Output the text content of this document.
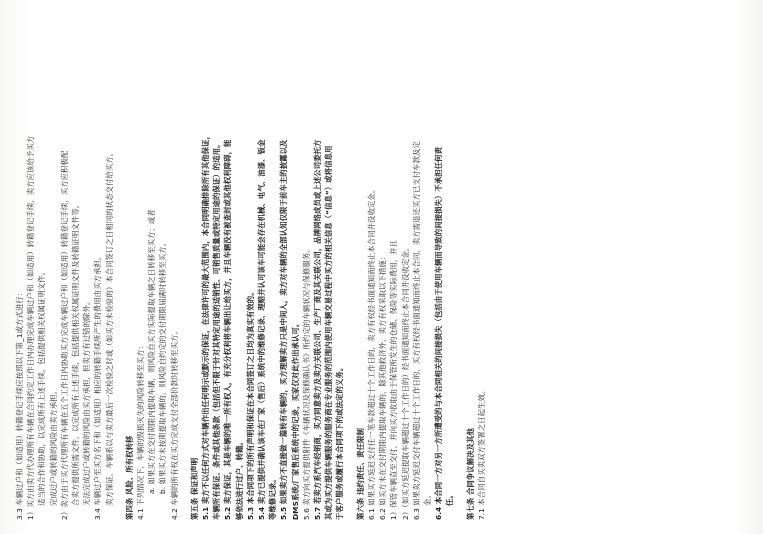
3.3 车辆过户和（如适用）转籍登记手续应按照以下第_1或方式进行： 1）买方由卖方代办理所有车辆在合同约定工作日内办理完成车辆过户和（如适用）转籍登记手续，卖方应该给予买方 适当的合作和协助，以完成所有上述手续，包括提供相关权属证明文件。 完成过户或转籍的风险由卖方承担。 2）卖方由于买方代理所有车辆在五个工作日内协助买方完成车辆过户和（如适用）转籍登记手续，买方应积极配 合卖方提供所需文件，以完成所有上述手续，包括提供相关权属证明文件及转籍证明文件等。 无法完成过户或转籍的风险由买方承担，但卖方有过错的除外。 3.4 车辆过户至买方名下和（如适用）相应的转籍手续所产生的费用由买方承担。 卖方保证，车辆系以与卖方最后一次检验之时或（如买方未检验的）本合同签订之日相同的状态交付给买方。 第四条 风险、所有权转移 4.1 下列情况下，车辆的毁损灭失的风险转移至买方： a. 如果买方在交付期限内提取车辆，则风险自买方实际提取车辆之日转移至买方；或者 b. 如果买方未按期提取车辆的，则风险自约定的交付期限届满时转移至买方。 4.2 车辆的所有权在买方完成支付全部价款时转移至买方。 第五条 保证和声明 5.1 卖方不以任何方式对车辆作出任何明示或默示的保证，在法律许可的最大范围内，本合同明确排除所有其他保证， 车辆所有保证、条件或其他条款（包括但不限于针对其特定用途的适销性、可销售质量或特定用途的保证）的适用。 5.2 卖方保证，其是车辆的唯一所有权人，有充分权利将车辆出让给买方，并且车辆没有被查封或其他权利障碍，能 够依法进行过户、转籍。 5.3 本合同项下的所有声明和保证在本合同签订之日均为真实有效的。 5.4 卖方已提供并确认该车在厂家（售后）系统中的维修记录、理赔并认可该车可能会存在机械、电气、油漆、钣金 等维修记录。 5.5 如果卖方不直接做一篇转有车辆的，买方理解卖方只是中间人，卖方对车辆的全部认知仅限于前车主的披露以及 DMS系统/厂家售后系统中的记录，买家仅对此作出承认可。 5.6 卖方向买方提供附件《车辆状况及保修确认书》所约定的车辆状况与保修服务。 5.7 若卖方系汽车经销商，买方同意卖方及卖方关联公司、生产厂商及其关联公司，品牌网络成员或上述公司委托方 其或为买方提供车辆服务的服务商在专业服务的范围内使用车辆交易过程中买方的相关信息（“信息”）或将信息用 于客户服务或履行本合同项下的或法定的义务。 第六条 违约责任、责任限制 6.1 如果买方延迟支付任一笔车款超过十个工作日的，卖方有权经书面通知而终止本合同并没收定金。 6.2 如买方未在交付期限内提取车辆的，除其他救济外，卖方有权采取以下措施： 1）保管车辆直至交付，并向买方收取由于保管所发生的仓储、保险等实际费用，并且 2）（如买方延迟提取车辆超过十个工作日的）经书面通知而终止本合同并没收定金。 6.3 如果卖方延迟交付车辆超过十个工作日的，买方有权经书面通知而终止本合同，卖方需退还买方已支付车款及定 金。 6.4 本合同一方对另一方所遭受的与本合同相关的间接损失（包括由于使用车辆而导致的间接损失）不承担任何责 任。 第七条 合同争议解决及其他 7.1 本合同自买卖双方签署之日起生效。
